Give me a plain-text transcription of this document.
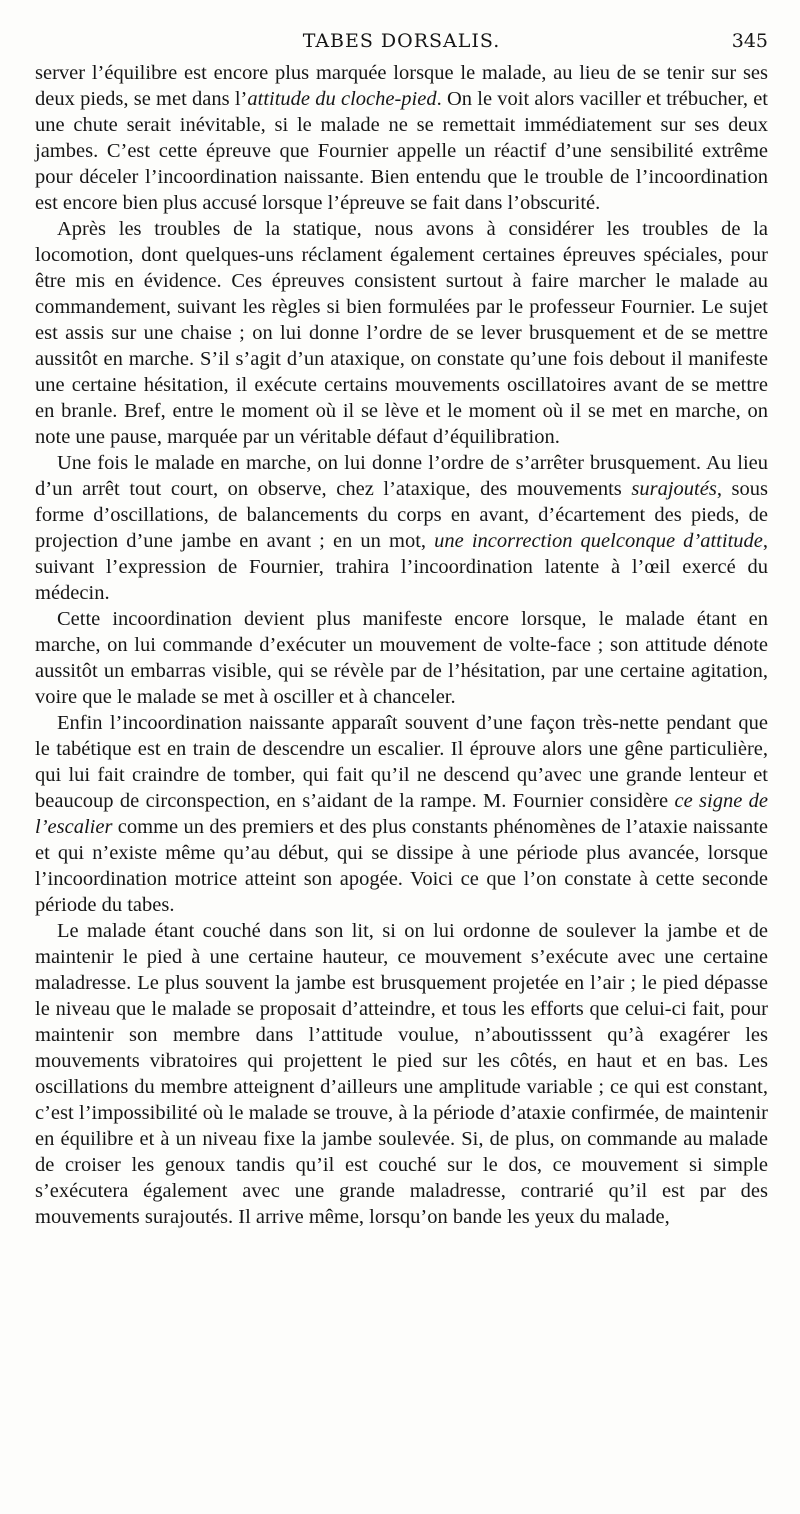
TABES DORSALIS.	345

server l’équilibre est encore plus marquée lorsque le malade, au lieu de se tenir sur ses deux pieds, se met dans l’attitude du cloche-pied. On le voit alors vaciller et trébucher, et une chute serait inévitable, si le malade ne se remettait immédiatement sur ses deux jambes. C’est cette épreuve que Fournier appelle un réactif d’une sensibilité extrême pour déceler l’incoordination naissante. Bien entendu que le trouble de l’incoordination est encore bien plus accusé lorsque l’épreuve se fait dans l’obscurité.

Après les troubles de la statique, nous avons à considérer les troubles de la locomotion, dont quelques-uns réclament également certaines épreuves spéciales, pour être mis en évidence. Ces épreuves consistent surtout à faire marcher le malade au commandement, suivant les règles si bien formulées par le professeur Fournier. Le sujet est assis sur une chaise ; on lui donne l’ordre de se lever brusquement et de se mettre aussitôt en marche. S’il s’agit d’un ataxique, on constate qu’une fois debout il manifeste une certaine hésitation, il exécute certains mouvements oscillatoires avant de se mettre en branle. Bref, entre le moment où il se lève et le moment où il se met en marche, on note une pause, marquée par un véritable défaut d’équilibration.

Une fois le malade en marche, on lui donne l’ordre de s’arrêter brusquement. Au lieu d’un arrêt tout court, on observe, chez l’ataxique, des mouvements surajoutés, sous forme d’oscillations, de balancements du corps en avant, d’écartement des pieds, de projection d’une jambe en avant ; en un mot, une incorrection quelconque d’attitude, suivant l’expression de Fournier, trahira l’incoordination latente à l’œil exercé du médecin.

Cette incoordination devient plus manifeste encore lorsque, le malade étant en marche, on lui commande d’exécuter un mouvement de volte-face ; son attitude dénote aussitôt un embarras visible, qui se révèle par de l’hésitation, par une certaine agitation, voire que le malade se met à osciller et à chanceler.

Enfin l’incoordination naissante apparaît souvent d’une façon très-nette pendant que le tabétique est en train de descendre un escalier. Il éprouve alors une gêne particulière, qui lui fait craindre de tomber, qui fait qu’il ne descend qu’avec une grande lenteur et beaucoup de circonspection, en s’aidant de la rampe. M. Fournier considère ce signe de l’escalier comme un des premiers et des plus constants phénomènes de l’ataxie naissante et qui n’existe même qu’au début, qui se dissipe à une période plus avancée, lorsque l’incoordination motrice atteint son apogée. Voici ce que l’on constate à cette seconde période du tabes.

Le malade étant couché dans son lit, si on lui ordonne de soulever la jambe et de maintenir le pied à une certaine hauteur, ce mouvement s’exécute avec une certaine maladresse. Le plus souvent la jambe est brusquement projetée en l’air ; le pied dépasse le niveau que le malade se proposait d’atteindre, et tous les efforts que celui-ci fait, pour maintenir son membre dans l’attitude voulue, n’aboutisssent qu’à exagérer les mouvements vibratoires qui projettent le pied sur les côtés, en haut et en bas. Les oscillations du membre atteignent d’ailleurs une amplitude variable ; ce qui est constant, c’est l’impossibilité où le malade se trouve, à la période d’ataxie confirmée, de maintenir en équilibre et à un niveau fixe la jambe soulevée. Si, de plus, on commande au malade de croiser les genoux tandis qu’il est couché sur le dos, ce mouvement si simple s’exécutera également avec une grande maladresse, contrarié qu’il est par des mouvements surajoutés. Il arrive même, lorsqu’on bande les yeux du malade,
